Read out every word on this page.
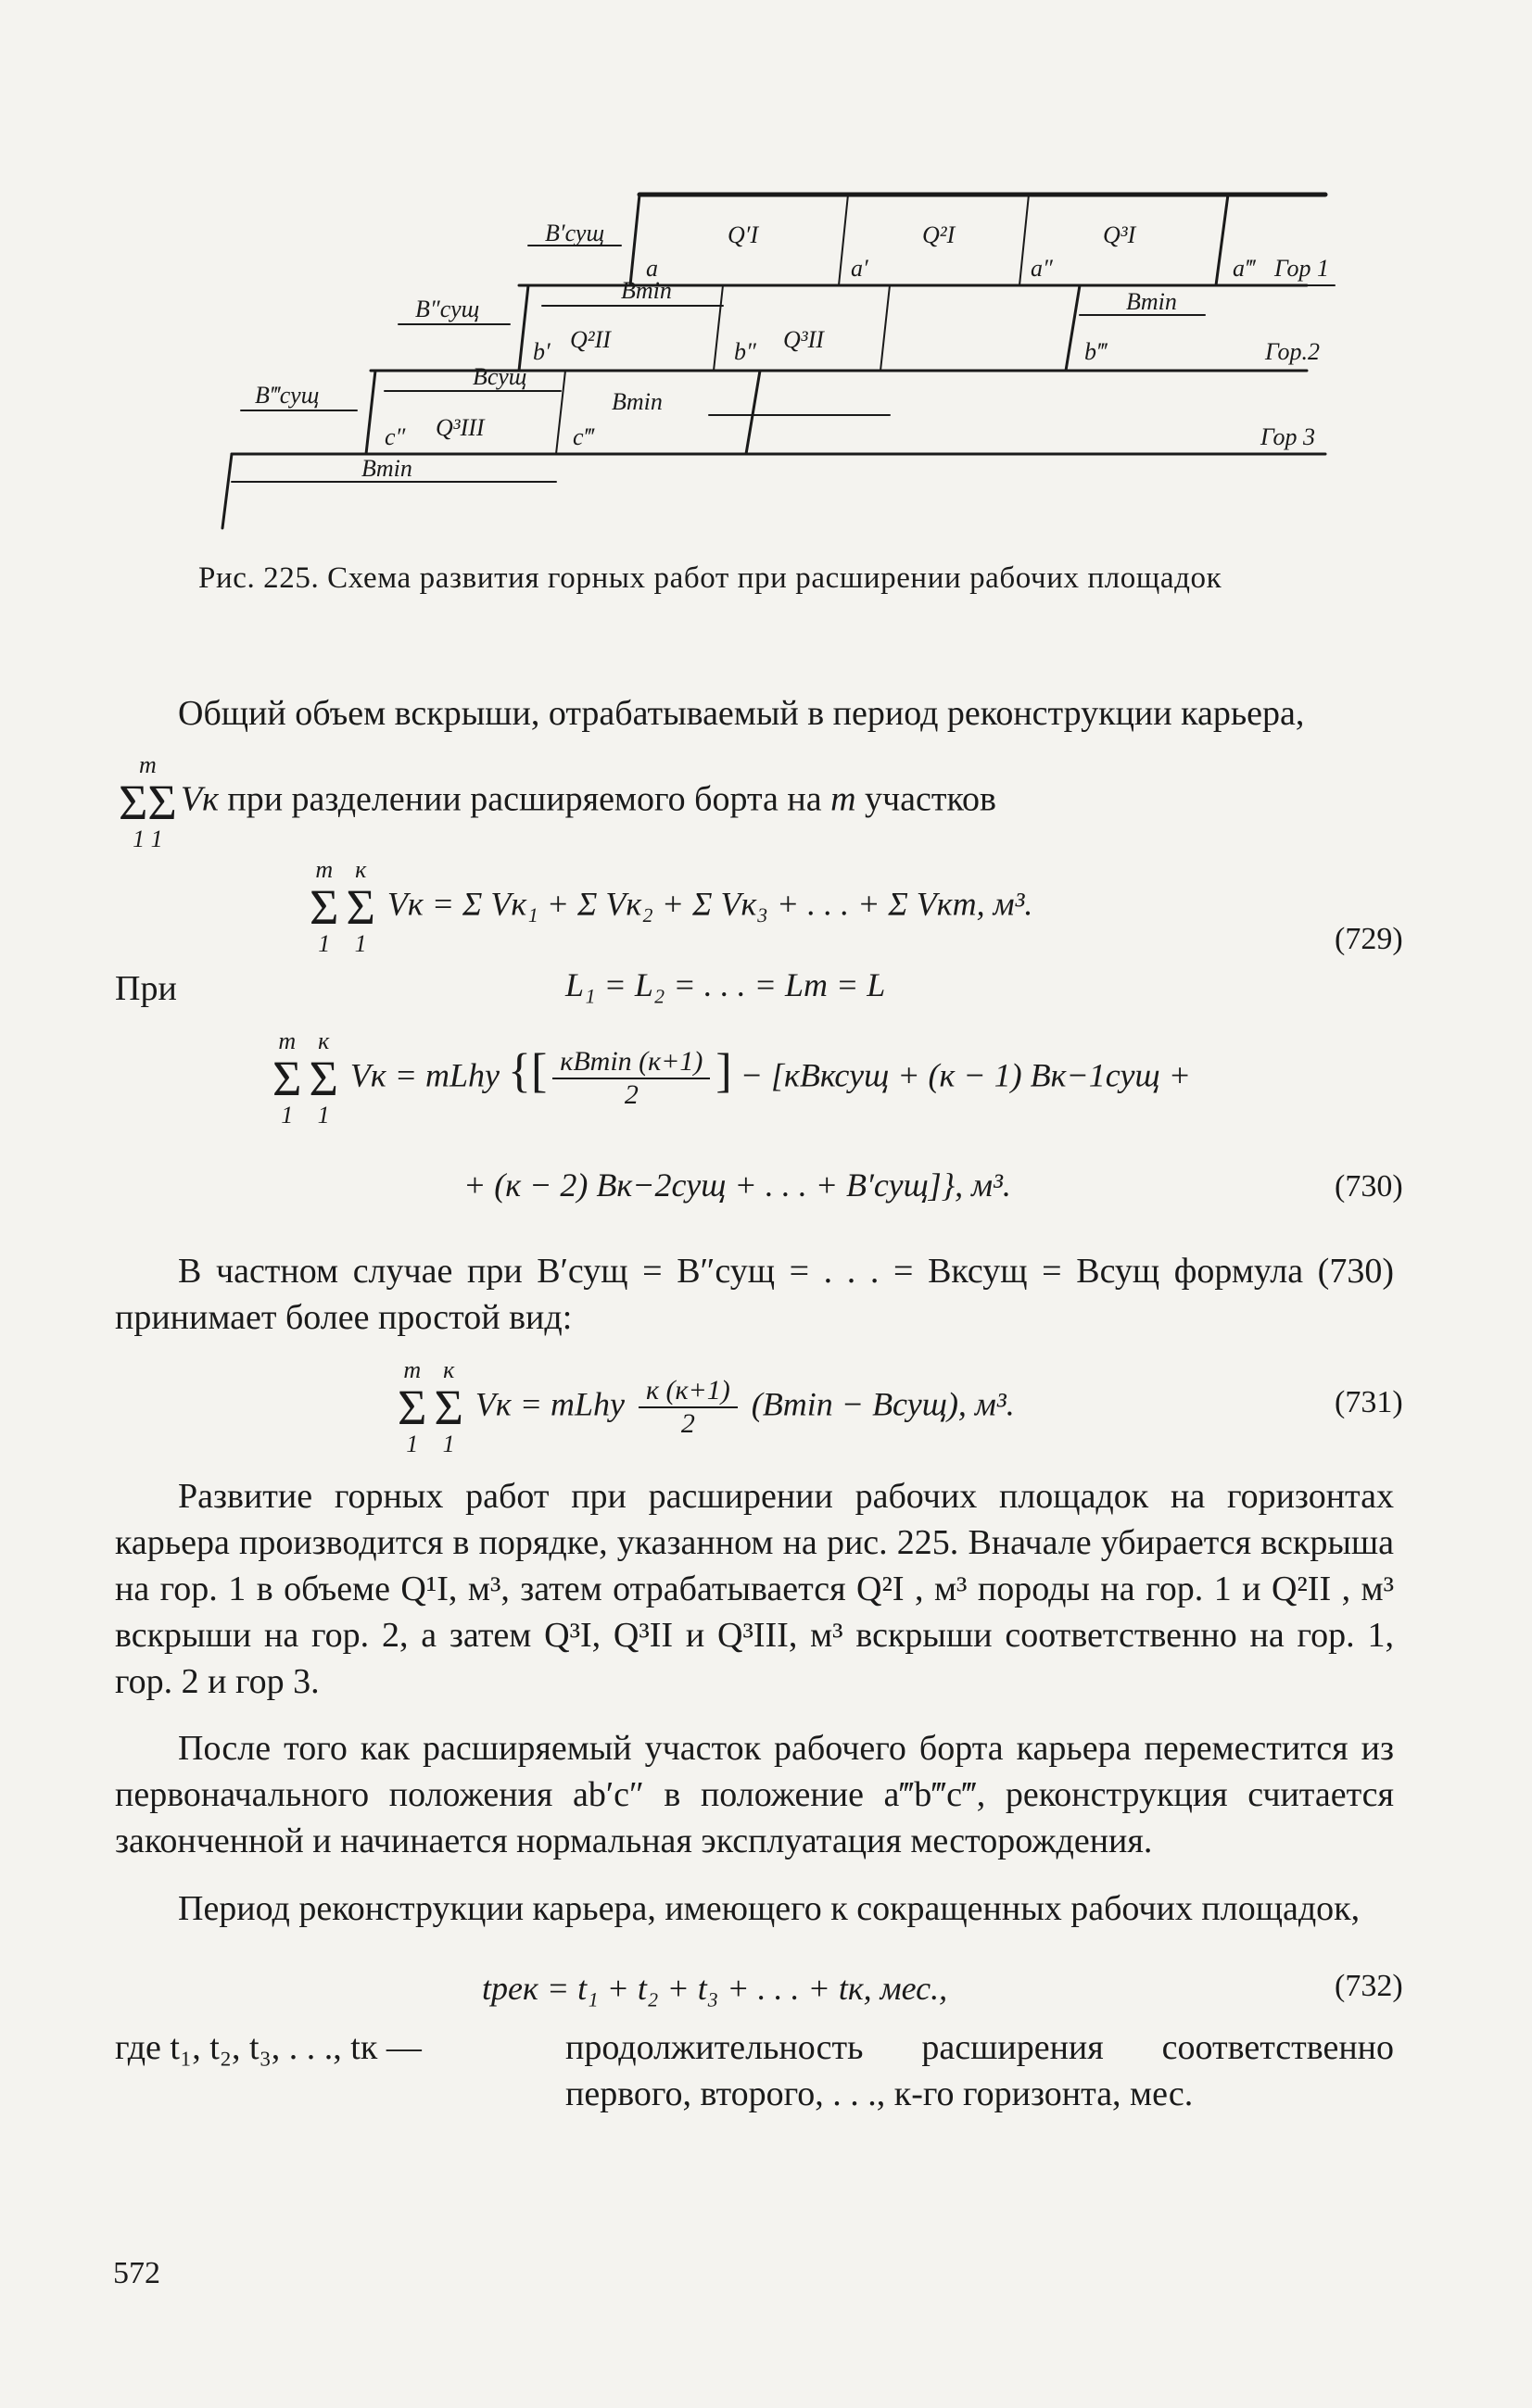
B′сущ
B″сущ
B‴сущ
Bсущ
Bmin	Bmin
Bmin
Bmin
Q′I	Q²I	Q³I
Q²II	Q³II
Q³III
a	a′	a″	a‴
b′	b″	b‴
c″	c‴
Гор 1
Гор.2
Гор 3
Рис. 225. Схема развития горных работ при расширении рабочих площадок
Общий объем вскрыши, отрабатываемый в период реконструкции карьера,
m
ΣΣ
1 1
Vк при разделении расширяемого борта на m участков
m
Σ
1
к
Σ
1
Vк = Σ Vк₁ + Σ Vк₂ + Σ Vк₃ + . . . + Σ Vкm, м³.
(729)
При	L₁ = L₂ = . . . = Lm = L
m
Σ
1
к
Σ
1
Vк = mLhу {[ $\frac{кBmin (к+1)}{2}$ ] − [кBксущ + (к − 1) Bк−1сущ +
+ (к − 2) Bк−2сущ + . . . + B′сущ]}, м³.	(730)
В частном случае при B′сущ = B″сущ = . . . = Bксущ = Bсущ формула (730) принимает более простой вид:
m
Σ
1
к
Σ
1
Vк = mLhу $\frac{к (к+1)}{2} (Bmin$ − Bсущ), м³.	(731)
Развитие горных работ при расширении рабочих площадок на горизонтах карьера производится в порядке, указанном на рис. 225. Вначале убирается вскрыша на гор. 1 в объеме Q¹I, м³, затем отрабатывается Q²I , м³ породы на гор. 1 и Q²II , м³ вскрыши на гор. 2, а затем Q³I, Q³II и Q³III, м³ вскрыши соответственно на гор. 1, гор. 2 и гор 3.
После того как расширяемый участок рабочего борта карьера переместится из первоначального положения ab′c″ в положение a‴b‴c‴, реконструкция считается законченной и начинается нормальная эксплуатация месторождения.
Период реконструкции карьера, имеющего к сокращенных рабочих площадок,
tрек = t₁ + t₂ + t₃ + . . . + tк, мес.,	(732)
где t₁, t₂, t₃, . . ., tк —	продолжительность расширения соответственно первого, второго, . . ., к-го горизонта, мес.
572
